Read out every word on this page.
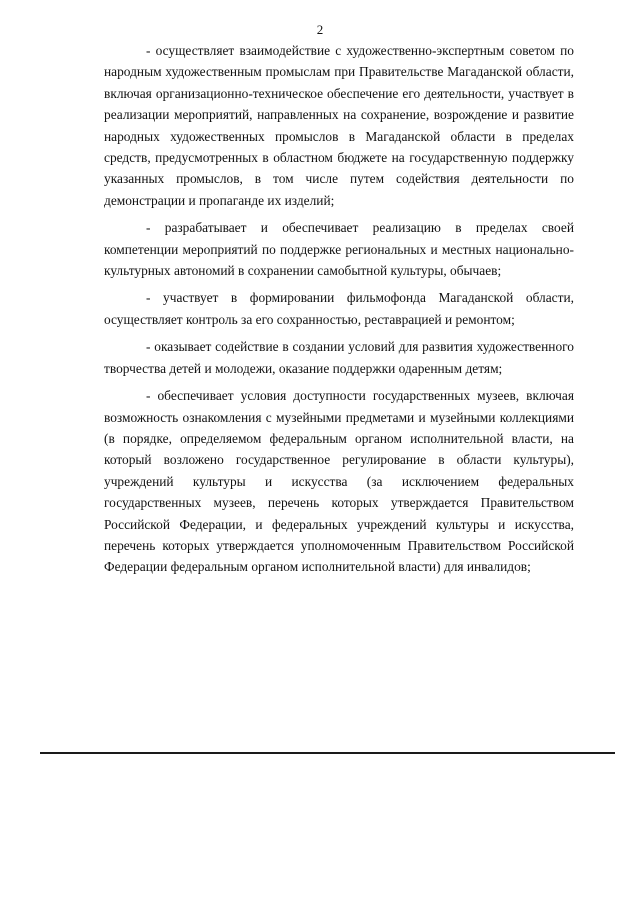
2

- осуществляет взаимодействие с художественно-экспертным советом по народным художественным промыслам при Правительстве Магаданской области, включая организационно-техническое обеспечение его деятельности, участвует в реализации мероприятий, направленных на сохранение, возрождение и развитие народных художественных промыслов в Магаданской области в пределах средств, предусмотренных в областном бюджете на государственную поддержку указанных промыслов, в том числе путем содействия деятельности по демонстрации и пропаганде их изделий;

- разрабатывает и обеспечивает реализацию в пределах своей компетенции мероприятий по поддержке региональных и местных национально-культурных автономий в сохранении самобытной культуры, обычаев;

- участвует в формировании фильмофонда Магаданской области, осуществляет контроль за его сохранностью, реставрацией и ремонтом;

- оказывает содействие в создании условий для развития художественного творчества детей и молодежи, оказание поддержки одаренным детям;

- обеспечивает условия доступности государственных музеев, включая возможность ознакомления с музейными предметами и музейными коллекциями (в порядке, определяемом федеральным органом исполнительной власти, на который возложено государственное регулирование в области культуры), учреждений культуры и искусства (за исключением федеральных государственных музеев, перечень которых утверждается Правительством Российской Федерации, и федеральных учреждений культуры и искусства, перечень которых утверждается уполномоченным Правительством Российской Федерации федеральным органом исполнительной власти) для инвалидов;
